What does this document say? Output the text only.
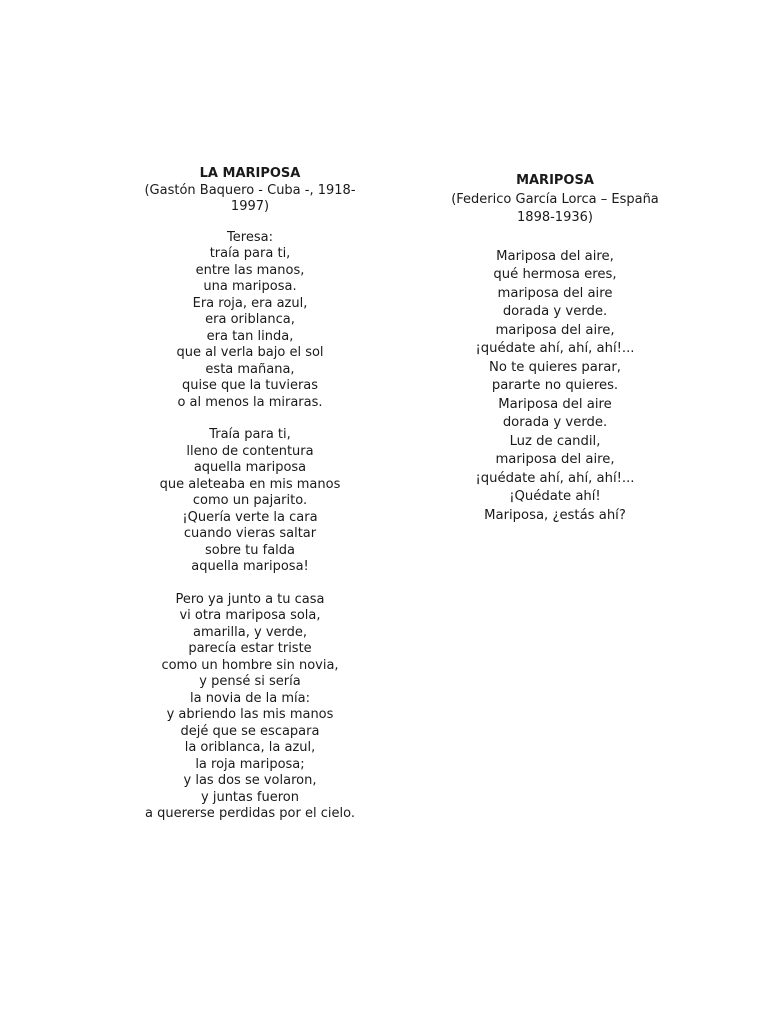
LA MARIPOSA
(Gastón Baquero - Cuba -, 1918-
1997)
Teresa:
traía para ti,
entre las manos,
una mariposa.
Era roja, era azul,
era oriblanca,
era tan linda,
que al verla bajo el sol
esta mañana,
quise que la tuvieras
o al menos la miraras.
Traía para ti,
lleno de contentura
aquella mariposa
que aleteaba en mis manos
como un pajarito.
¡Quería verte la cara
cuando vieras saltar
sobre tu falda
aquella mariposa!
Pero ya junto a tu casa
vi otra mariposa sola,
amarilla, y verde,
parecía estar triste
como un hombre sin novia,
y pensé si sería
la novia de la mía:
y abriendo las mis manos
dejé que se escapara
la oriblanca, la azul,
la roja mariposa;
y las dos se volaron,
y juntas fueron
a quererse perdidas por el cielo.
MARIPOSA
(Federico García Lorca – España
1898-1936)
Mariposa del aire,
qué hermosa eres,
mariposa del aire
dorada y verde.
mariposa del aire,
¡quédate ahí, ahí, ahí!...
No te quieres parar,
pararte no quieres.
Mariposa del aire
dorada y verde.
Luz de candil,
mariposa del aire,
¡quédate ahí, ahí, ahí!...
¡Quédate ahí!
Mariposa, ¿estás ahí?
